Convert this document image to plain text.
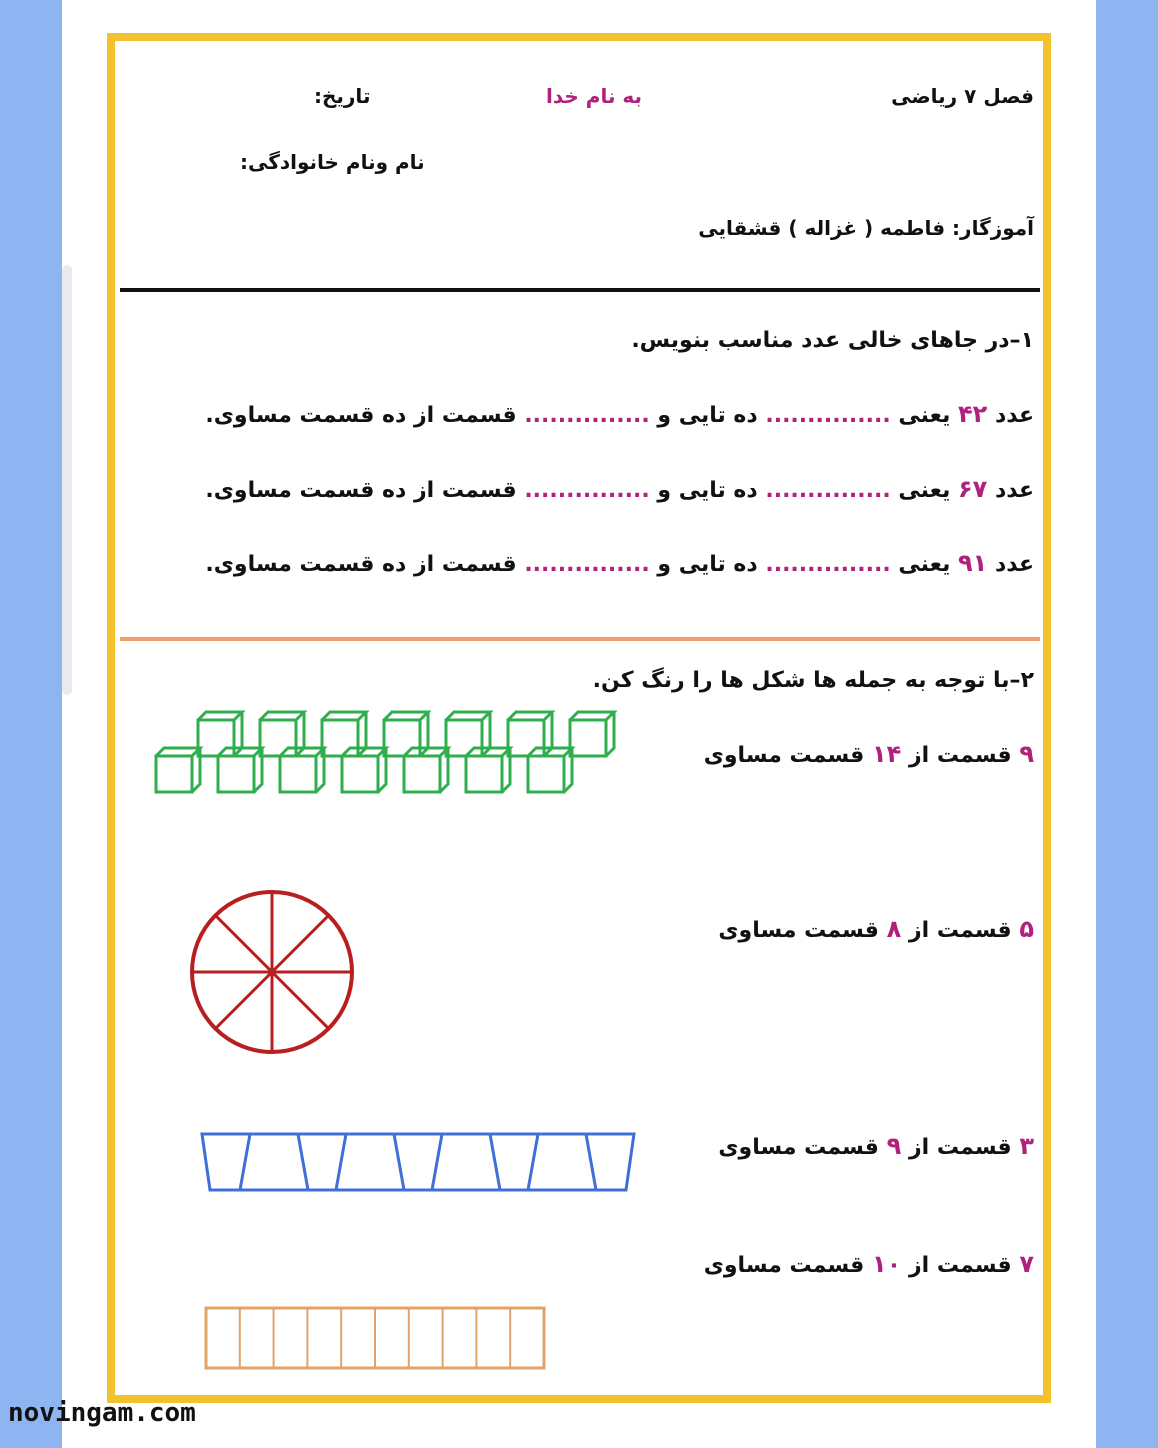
فصل ۷ ریاضی
به نام خدا
تاریخ:
نام ونام خانوادگی:
آموزگار: فاطمه ( غزاله ) قشقایی
۱–در جاهای خالی عدد مناسب بنویس.
عدد ۴۲ یعنی ............... ده تایی و ............... قسمت از ده قسمت مساوی.
عدد ۶۷ یعنی ............... ده تایی و ............... قسمت از ده قسمت مساوی.
عدد ۹۱ یعنی ............... ده تایی و ............... قسمت از ده قسمت مساوی.
۲–با توجه به جمله ها شکل ها را رنگ کن.
۹ قسمت از ۱۴ قسمت مساوی
۵ قسمت از ۸ قسمت مساوی
۳ قسمت از ۹ قسمت مساوی
۷ قسمت از ۱۰ قسمت مساوی
novingam.com
